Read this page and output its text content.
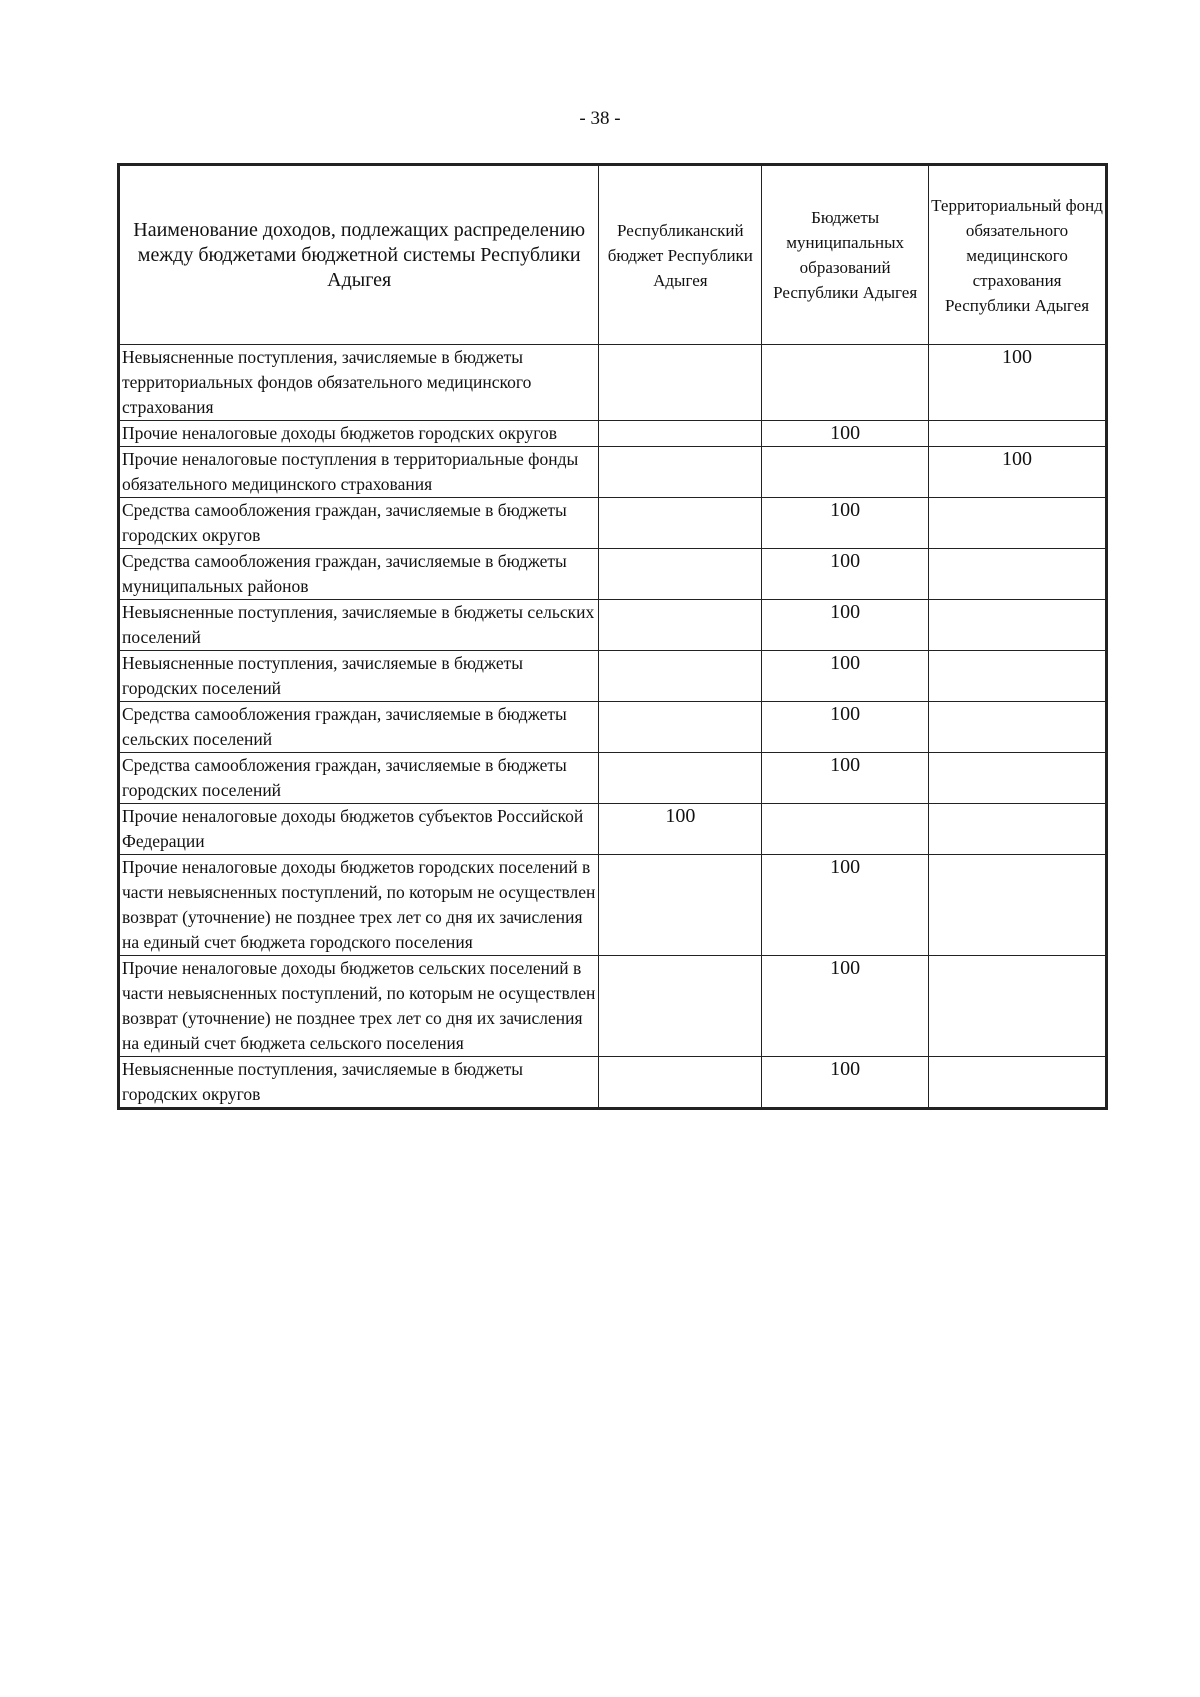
- 38 -
Наименование доходов, подлежащих распределению между бюджетами бюджетной системы Республики Адыгея	Республиканский бюджет Республики Адыгея	Бюджеты муниципальных образований Республики Адыгея	Территориальный фонд обязательного медицинского страхования Республики Адыгея
Невыясненные поступления, зачисляемые в бюджеты территориальных фондов обязательного медицинского страхования			100
Прочие неналоговые доходы бюджетов городских округов		100	
Прочие неналоговые поступления в территориальные фонды обязательного медицинского страхования			100
Средства самообложения граждан, зачисляемые в бюджеты городских округов		100	
Средства самообложения граждан, зачисляемые в бюджеты муниципальных районов		100	
Невыясненные поступления, зачисляемые в бюджеты сельских поселений		100	
Невыясненные поступления, зачисляемые в бюджеты городских поселений		100	
Средства самообложения граждан, зачисляемые в бюджеты сельских поселений		100	
Средства самообложения граждан, зачисляемые в бюджеты городских поселений		100	
Прочие неналоговые доходы бюджетов субъектов Российской Федерации	100		
Прочие неналоговые доходы бюджетов городских поселений в части невыясненных поступлений, по которым не осуществлен возврат (уточнение) не позднее трех лет со дня их зачисления на единый счет бюджета городского поселения		100	
Прочие неналоговые доходы бюджетов сельских поселений в части невыясненных поступлений, по которым не осуществлен возврат (уточнение) не позднее трех лет со дня их зачисления на единый счет бюджета сельского поселения		100	
Невыясненные поступления, зачисляемые в бюджеты городских округов		100	
